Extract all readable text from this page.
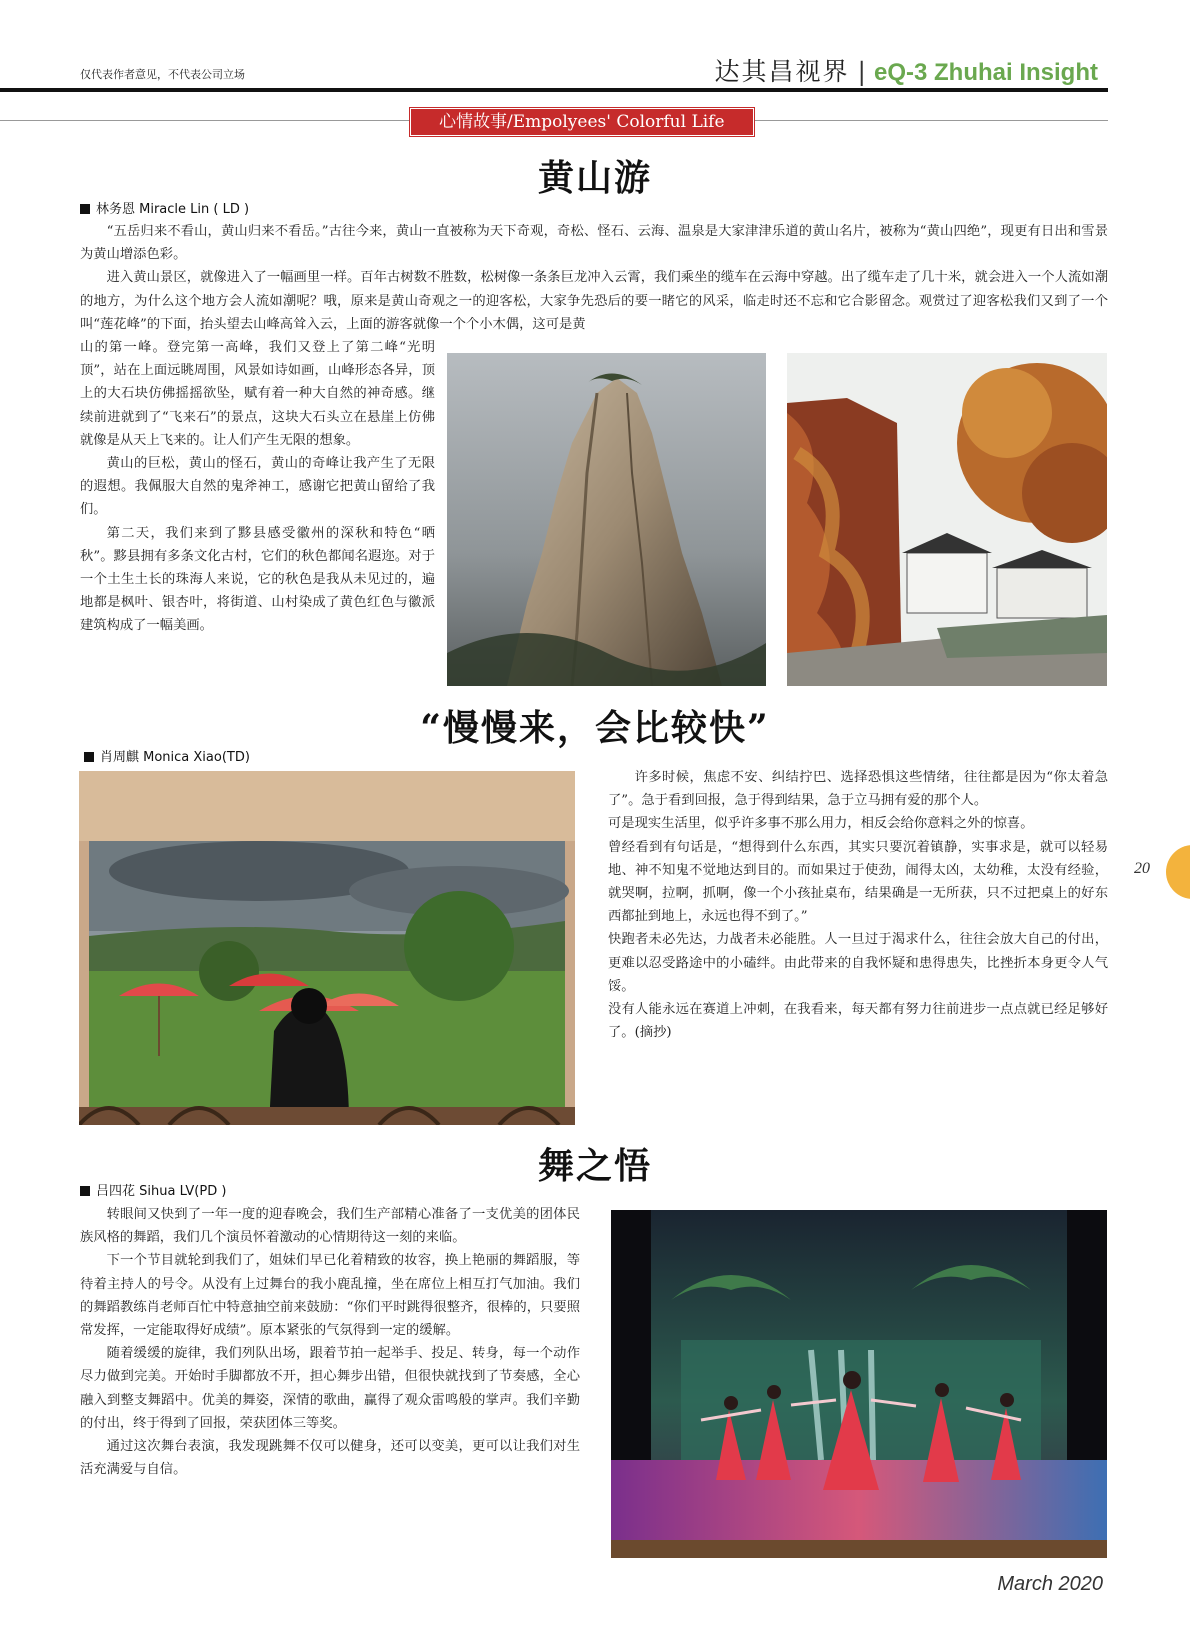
仅代表作者意见，不代表公司立场	达其昌视界 | eQ-3 Zhuhai Insight
心情故事/Empolyees' Colorful Life
黄山游
林务恩 Miracle Lin ( LD )

“五岳归来不看山，黄山归来不看岳。”古往今来，黄山一直被称为天下奇观，奇松、怪石、云海、温泉是大家津津乐道的黄山名片，被称为“黄山四绝”，现更有日出和雪景为黄山增添色彩。

进入黄山景区，就像进入了一幅画里一样。百年古树数不胜数，松树像一条条巨龙冲入云霄，我们乘坐的缆车在云海中穿越。出了缆车走了几十米，就会进入一个人流如潮的地方，为什么这个地方会人流如潮呢？哦，原来是黄山奇观之一的迎客松，大家争先恐后的要一睹它的风采，临走时还不忘和它合影留念。观赏过了迎客松我们又到了一个叫“莲花峰”的下面，抬头望去山峰高耸入云，上面的游客就像一个个小木偶，这可是黄

山的第一峰。登完第一高峰，我们又登上了第二峰“光明顶”，站在上面远眺周围，风景如诗如画，山峰形态各异，顶上的大石块仿佛摇摇欲坠，赋有着一种大自然的神奇感。继续前进就到了“飞来石”的景点，这块大石头立在悬崖上仿佛就像是从天上飞来的。让人们产生无限的想象。

黄山的巨松，黄山的怪石，黄山的奇峰让我产生了无限的遐想。我佩服大自然的鬼斧神工，感谢它把黄山留给了我们。

第二天，我们来到了黟县感受徽州的深秋和特色“晒秋”。黟县拥有多条文化古村，它们的秋色都闻名遐迩。对于一个土生土长的珠海人来说，它的秋色是我从未见过的，遍地都是枫叶、银杏叶，将街道、山村染成了黄色红色与徽派建筑构成了一幅美画。

“慢慢来，会比较快”
肖周麒 Monica Xiao(TD)

许多时候，焦虑不安、纠结拧巴、选择恐惧这些情绪，往往都是因为“你太着急了”。急于看到回报，急于得到结果，急于立马拥有爱的那个人。

可是现实生活里，似乎许多事不那么用力，相反会给你意料之外的惊喜。

曾经看到有句话是，“想得到什么东西，其实只要沉着镇静，实事求是，就可以轻易地、神不知鬼不觉地达到目的。而如果过于使劲，闹得太凶，太幼稚，太没有经验，就哭啊，拉啊，抓啊，像一个小孩扯桌布，结果确是一无所获，只不过把桌上的好东西都扯到地上，永远也得不到了。”

快跑者未必先达，力战者未必能胜。人一旦过于渴求什么，往往会放大自己的付出，更难以忍受路途中的小磕绊。由此带来的自我怀疑和患得患失，比挫折本身更令人气馁。

没有人能永远在赛道上冲刺，在我看来，每天都有努力往前进步一点点就已经足够好了。(摘抄)

舞之悟
吕四花 Sihua LV(PD )

转眼间又快到了一年一度的迎春晚会，我们生产部精心准备了一支优美的团体民族风格的舞蹈，我们几个演员怀着激动的心情期待这一刻的来临。

下一个节目就轮到我们了，姐妹们早已化着精致的妆容，换上艳丽的舞蹈服，等待着主持人的号令。从没有上过舞台的我小鹿乱撞，坐在席位上相互打气加油。我们的舞蹈教练肖老师百忙中特意抽空前来鼓励：“你们平时跳得很整齐，很棒的，只要照常发挥，一定能取得好成绩”。原本紧张的气氛得到一定的缓解。

随着缓缓的旋律，我们列队出场，跟着节拍一起举手、投足、转身，每一个动作尽力做到完美。开始时手脚都放不开，担心舞步出错，但很快就找到了节奏感，全心融入到整支舞蹈中。优美的舞姿，深情的歌曲，赢得了观众雷鸣般的掌声。我们辛勤的付出，终于得到了回报，荣获团体三等奖。

通过这次舞台表演，我发现跳舞不仅可以健身，还可以变美，更可以让我们对生活充满爱与自信。

20
March 2020
